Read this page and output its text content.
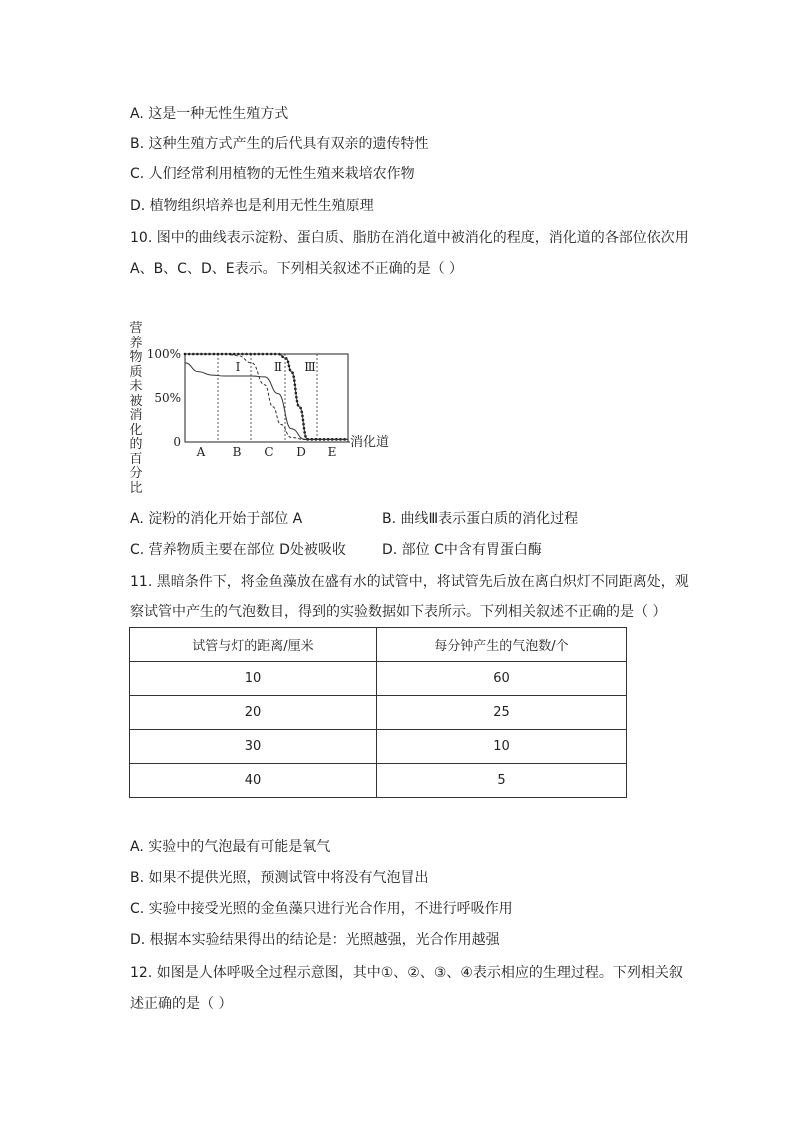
A. 这是一种无性生殖方式
B. 这种生殖方式产生的后代具有双亲的遗传特性
C. 人们经常利用植物的无性生殖来栽培农作物
D. 植物组织培养也是利用无性生殖原理
10. 图中的曲线表示淀粉、蛋白质、脂肪在消化道中被消化的程度，消化道的各部位依次用
A、B、C、D、E表示。下列相关叙述不正确的是（ ）
营养物质未被消化的百分比
100%
50%
0
A B C D E
消化道
Ⅰ	Ⅱ Ⅲ
A. 淀粉的消化开始于部位 A	B. 曲线Ⅲ表示蛋白质的消化过程
C. 营养物质主要在部位 D处被吸收	D. 部位 C中含有胃蛋白酶
11. 黑暗条件下，将金鱼藻放在盛有水的试管中，将试管先后放在离白炽灯不同距离处，观
察试管中产生的气泡数目，得到的实验数据如下表所示。下列相关叙述不正确的是（ ）
试管与灯的距离/厘米	每分钟产生的气泡数/个
10	60
20	25
30	10
40	5
A. 实验中的气泡最有可能是氧气
B. 如果不提供光照，预测试管中将没有气泡冒出
C. 实验中接受光照的金鱼藻只进行光合作用，不进行呼吸作用
D. 根据本实验结果得出的结论是：光照越强，光合作用越强
12. 如图是人体呼吸全过程示意图，其中①、②、③、④表示相应的生理过程。下列相关叙
述正确的是（ ）
